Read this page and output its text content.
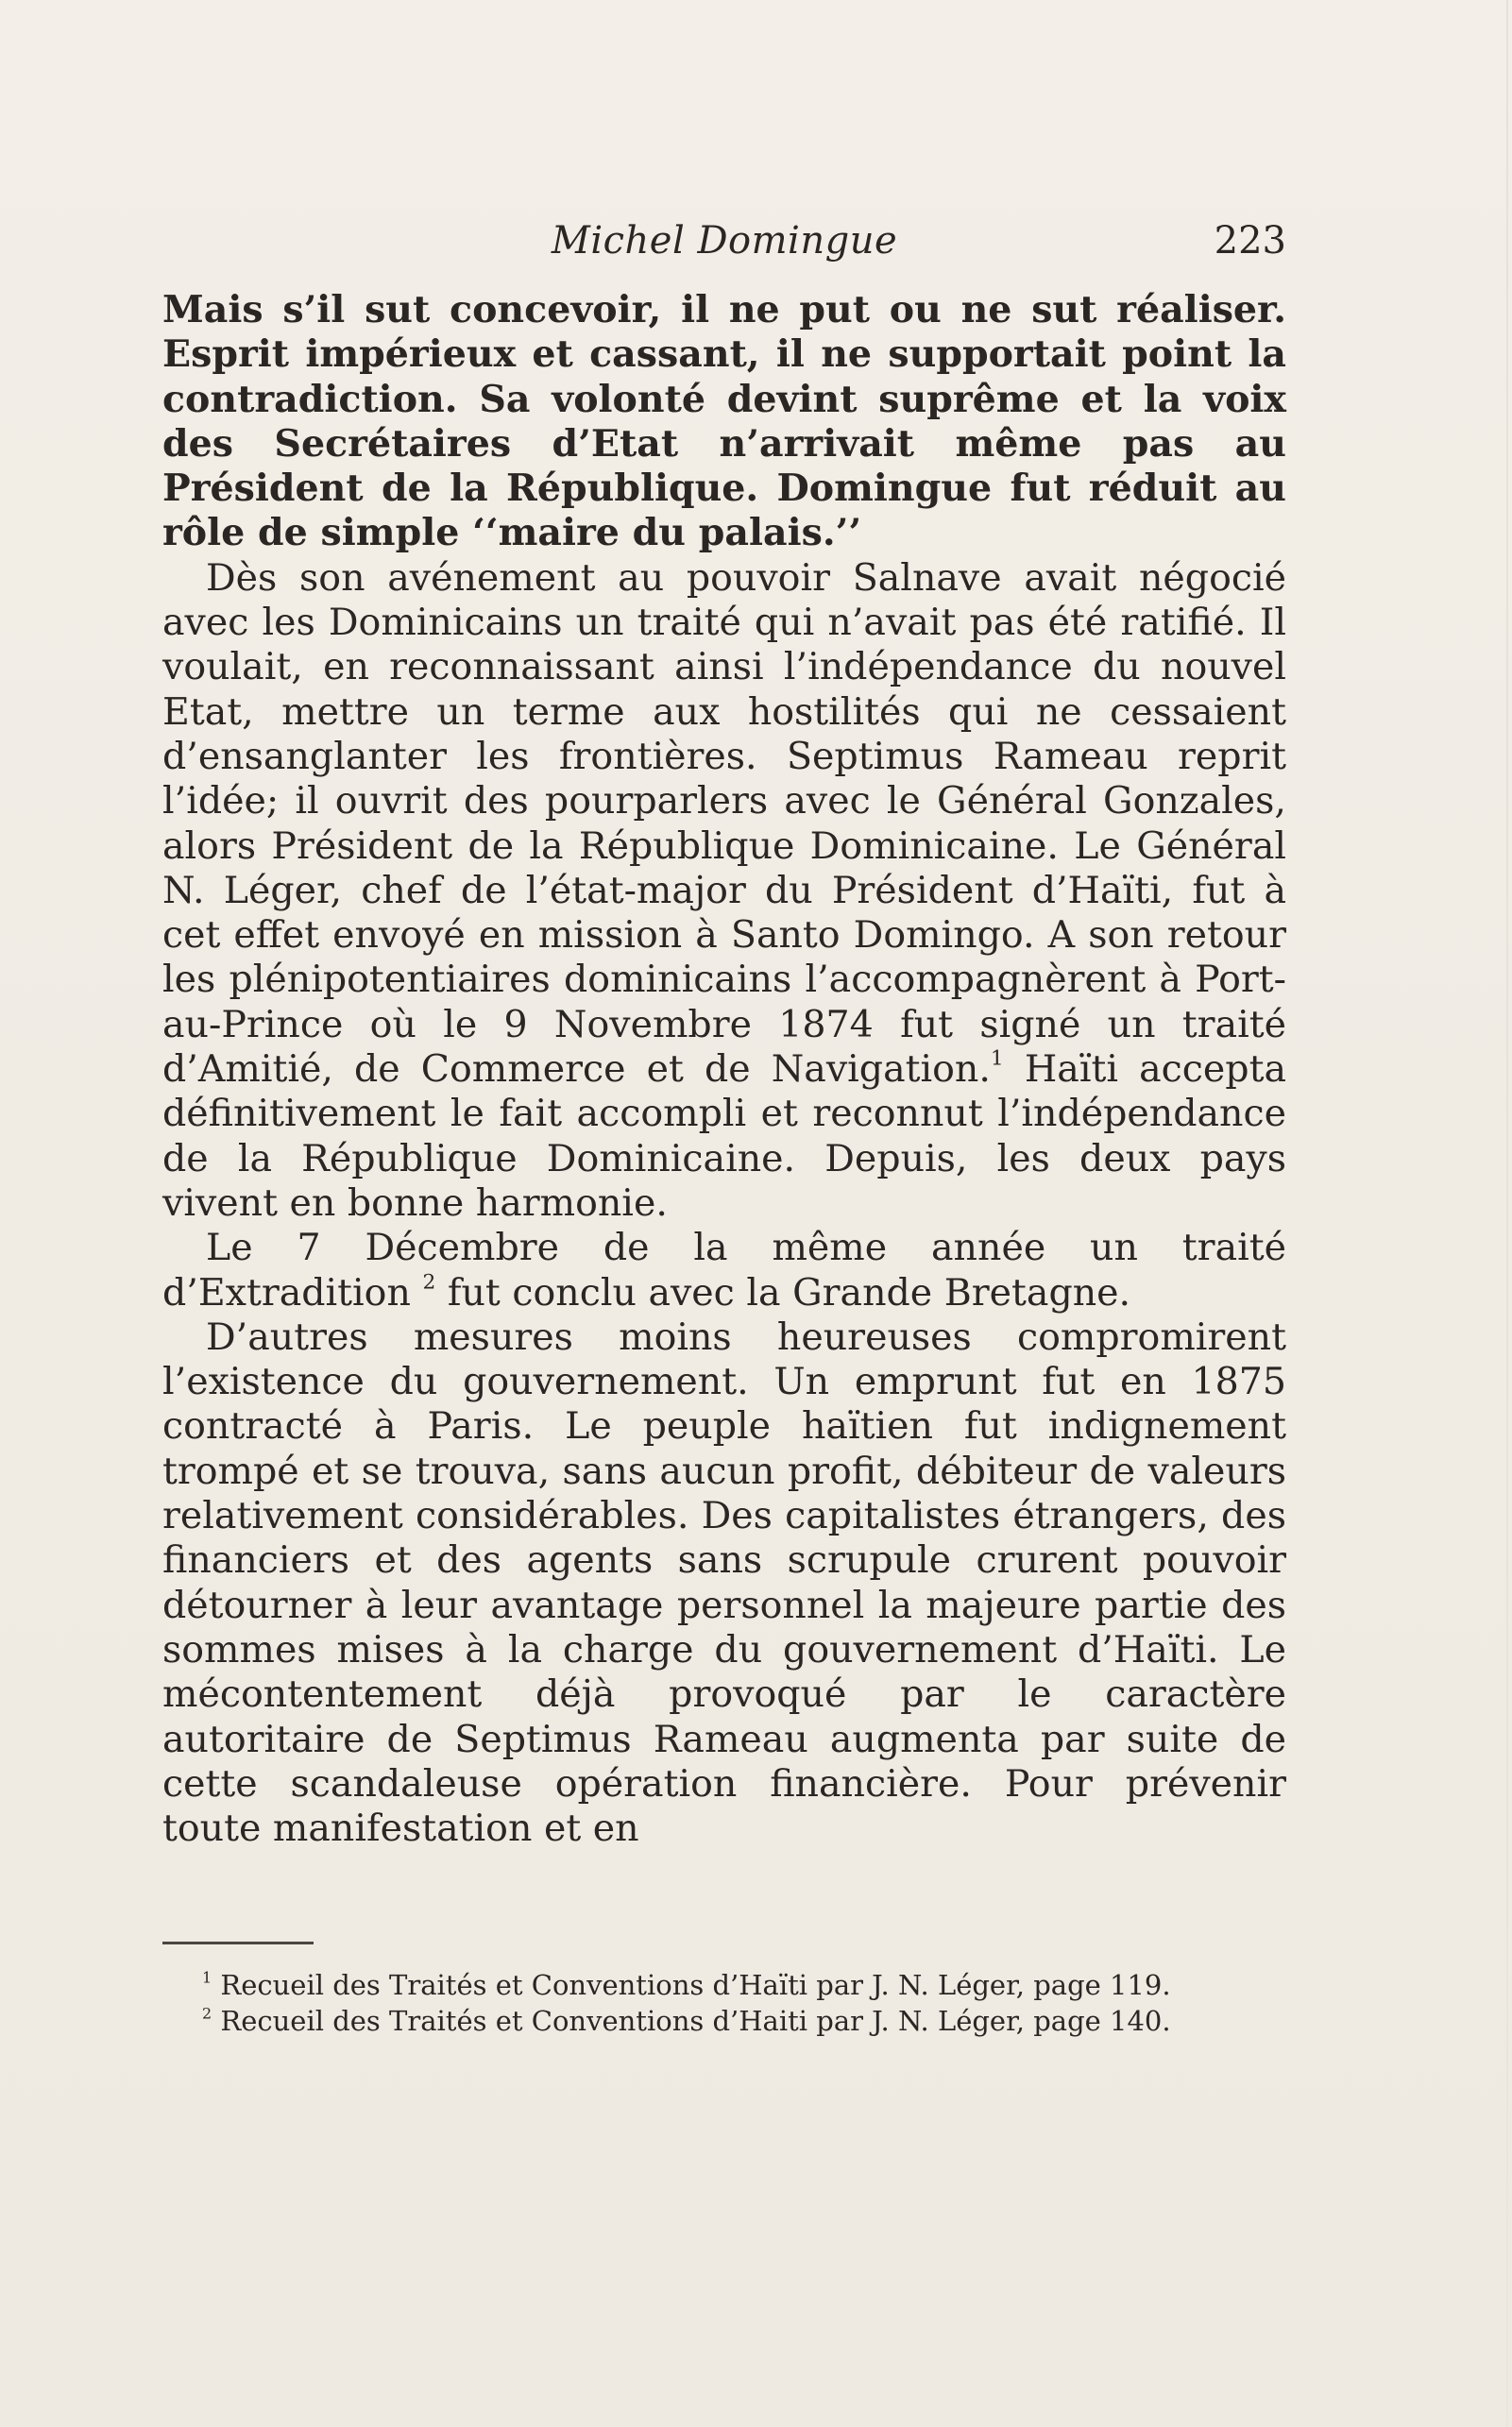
Michel Domingue	223

Mais s’il sut concevoir, il ne put ou ne sut réaliser. Esprit impérieux et cassant, il ne supportait point la contradiction. Sa volonté devint suprême et la voix des Secrétaires d’Etat n’arrivait même pas au Président de la République. Domingue fut réduit au rôle de simple ‘‘maire du palais.’’

Dès son avénement au pouvoir Salnave avait négocié avec les Dominicains un traité qui n’avait pas été ratifié. Il voulait, en reconnaissant ainsi l’indépendance du nouvel Etat, mettre un terme aux hostilités qui ne cessaient d’ensanglanter les frontières. Septimus Rameau reprit l’idée; il ouvrit des pourparlers avec le Général Gonzales, alors Président de la République Dominicaine. Le Général N. Léger, chef de l’état-major du Président d’Haïti, fut à cet effet envoyé en mission à Santo Domingo. A son retour les plénipotentiaires dominicains l’accompagnèrent à Port-au-Prince où le 9 Novembre 1874 fut signé un traité d’Amitié, de Commerce et de Navigation.$^1$ Haïti accepta définitivement le fait accompli et reconnut l’indépendance de la République Dominicaine. Depuis, les deux pays vivent en bonne harmonie.

Le 7 Décembre de la même année un traité d’Extradition $^2$ fut conclu avec la Grande Bretagne.

D’autres mesures moins heureuses compromirent l’existence du gouvernement. Un emprunt fut en 1875 contracté à Paris. Le peuple haïtien fut indignement trompé et se trouva, sans aucun profit, débiteur de valeurs relativement considérables. Des capitalistes étrangers, des financiers et des agents sans scrupule crurent pouvoir détourner à leur avantage personnel la majeure partie des sommes mises à la charge du gouvernement d’Haïti. Le mécontentement déjà provoqué par le caractère autoritaire de Septimus Rameau augmenta par suite de cette scandaleuse opération financière. Pour prévenir toute manifestation et en

$^1$ Recueil des Traités et Conventions d’Haïti par J. N. Léger, page 119.

$^2$ Recueil des Traités et Conventions d’Haiti par J. N. Léger, page 140.
